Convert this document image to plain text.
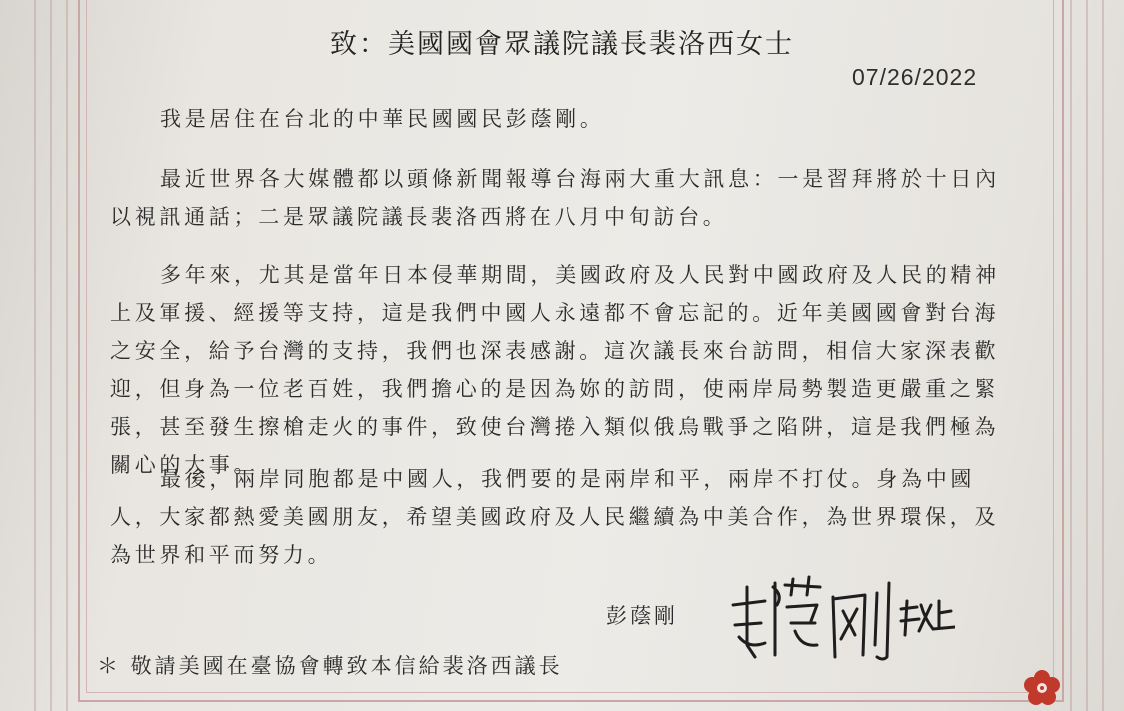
致：美國國會眾議院議長裴洛西女士
07/26/2022

我是居住在台北的中華民國國民彭蔭剛。

最近世界各大媒體都以頭條新聞報導台海兩大重大訊息：一是習拜將於十日內以視訊通話；二是眾議院議長裴洛西將在八月中旬訪台。

多年來，尤其是當年日本侵華期間，美國政府及人民對中國政府及人民的精神上及軍援、經援等支持，這是我們中國人永遠都不會忘記的。近年美國國會對台海之安全，給予台灣的支持，我們也深表感謝。這次議長來台訪問，相信大家深表歡迎，但身為一位老百姓，我們擔心的是因為妳的訪問，使兩岸局勢製造更嚴重之緊張，甚至發生擦槍走火的事件，致使台灣捲入類似俄烏戰爭之陷阱，這是我們極為關心的大事。

最後，兩岸同胞都是中國人，我們要的是兩岸和平，兩岸不打仗。身為中國人，大家都熱愛美國朋友，希望美國政府及人民繼續為中美合作，為世界環保，及為世界和平而努力。

彭蔭剛
＊ 敬請美國在臺協會轉致本信給裴洛西議長
